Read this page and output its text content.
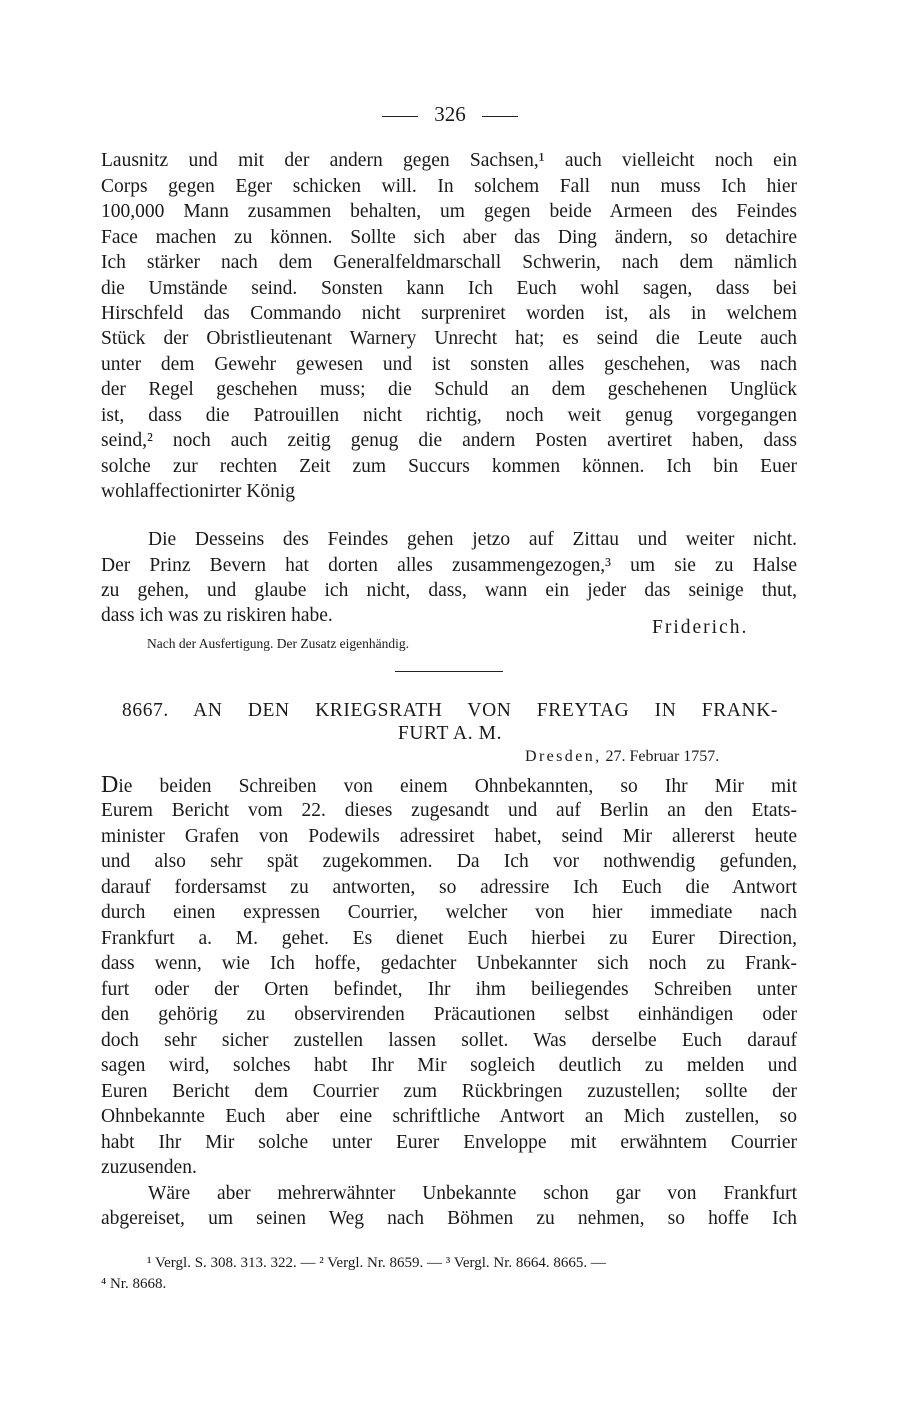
326
Lausnitz und mit der andern gegen Sachsen,¹ auch vielleicht noch ein
Corps gegen Eger schicken will. In solchem Fall nun muss Ich hier
100,000 Mann zusammen behalten, um gegen beide Armeen des Feindes
Face machen zu können. Sollte sich aber das Ding ändern, so detachire
Ich stärker nach dem Generalfeldmarschall Schwerin, nach dem nämlich
die Umstände seind. Sonsten kann Ich Euch wohl sagen, dass bei
Hirschfeld das Commando nicht surpreniret worden ist, als in welchem
Stück der Obristlieutenant Warnery Unrecht hat; es seind die Leute auch
unter dem Gewehr gewesen und ist sonsten alles geschehen, was nach
der Regel geschehen muss; die Schuld an dem geschehenen Unglück
ist, dass die Patrouillen nicht richtig, noch weit genug vorgegangen
seind,² noch auch zeitig genug die andern Posten avertiret haben, dass
solche zur rechten Zeit zum Succurs kommen können. Ich bin Euer
wohlaffectionirter König
Die Desseins des Feindes gehen jetzo auf Zittau und weiter nicht.
Der Prinz Bevern hat dorten alles zusammengezogen,³ um sie zu Halse
zu gehen, und glaube ich nicht, dass, wann ein jeder das seinige thut,
dass ich was zu riskiren habe.
Friderich.
Nach der Ausfertigung. Der Zusatz eigenhändig.
8667. AN DEN KRIEGSRATH VON FREYTAG IN FRANK-
FURT A. M.
Dresden, 27. Februar 1757.
Die beiden Schreiben von einem Ohnbekannten, so Ihr Mir mit
Eurem Bericht vom 22. dieses zugesandt und auf Berlin an den Etats-
minister Grafen von Podewils adressiret habet, seind Mir allererst heute
und also sehr spät zugekommen. Da Ich vor nothwendig gefunden,
darauf fordersamst zu antworten, so adressire Ich Euch die Antwort
durch einen expressen Courrier, welcher von hier immediate nach
Frankfurt a. M. gehet. Es dienet Euch hierbei zu Eurer Direction,
dass wenn, wie Ich hoffe, gedachter Unbekannter sich noch zu Frank-
furt oder der Orten befindet, Ihr ihm beiliegendes Schreiben unter
den gehörig zu observirenden Präcautionen selbst einhändigen oder
doch sehr sicher zustellen lassen sollet. Was derselbe Euch darauf
sagen wird, solches habt Ihr Mir sogleich deutlich zu melden und
Euren Bericht dem Courrier zum Rückbringen zuzustellen; sollte der
Ohnbekannte Euch aber eine schriftliche Antwort an Mich zustellen, so
habt Ihr Mir solche unter Eurer Enveloppe mit erwähntem Courrier
zuzusenden.
Wäre aber mehrerwähnter Unbekannte schon gar von Frankfurt
abgereiset, um seinen Weg nach Böhmen zu nehmen, so hoffe Ich
¹ Vergl. S. 308. 313. 322. — ² Vergl. Nr. 8659. — ³ Vergl. Nr. 8664. 8665. —
⁴ Nr. 8668.
